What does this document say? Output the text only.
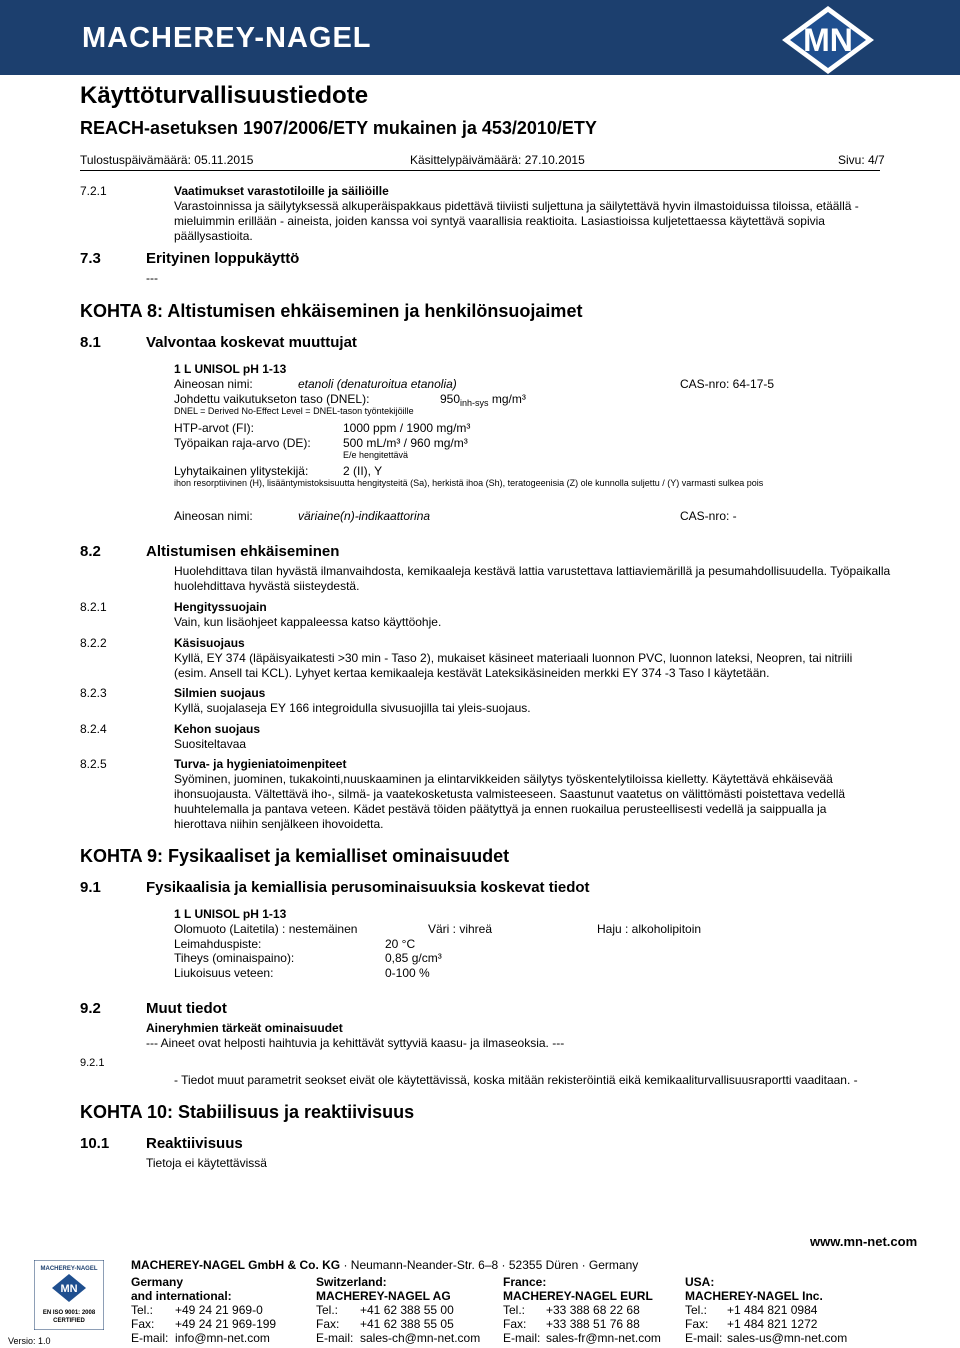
MACHEREY-NAGEL	MN
Käyttöturvallisuustiedote
REACH-asetuksen 1907/2006/ETY mukainen ja 453/2010/ETY
Tulostuspäivämäärä: 05.11.2015	Käsittelypäivämäärä: 27.10.2015	Sivu: 4/7
7.2.1	Vaatimukset varastotiloille ja säiliöille
Varastoinnissa ja säilytyksessä alkuperäispakkaus pidettävä tiiviisti suljettuna ja säilytettävä hyvin ilmastoiduissa tiloissa, etäällä -
mieluimmin erillään - aineista, joiden kanssa voi syntyä vaarallisia reaktioita. Lasiastioissa kuljetettaessa käytettävä sopivia
päällysastioita.
7.3	Erityinen loppukäyttö
---
KOHTA 8: Altistumisen ehkäiseminen ja henkilönsuojaimet
8.1	Valvontaa koskevat muuttujat
1 L UNISOL pH 1-13
Aineosan nimi:	etanoli (denaturoitua etanolia)	CAS-nro: 64-17-5
Johdettu vaikutukseton taso (DNEL):	$950_{inh-sys}$ mg/m³
DNEL = Derived No-Effect Level = DNEL-tason työntekijöille
HTP-arvot (FI):	1000 ppm / 1900 mg/m³
Työpaikan raja-arvo (DE):	500 mL/m³ / 960 mg/m³
E/e hengitettävä
Lyhytaikainen ylitystekijä:	2 (II), Y
ihon resorptiivinen (H), lisääntymistoksisuutta hengitysteitä (Sa), herkistä ihoa (Sh), teratogeenisia (Z) ole kunnolla suljettu / (Y) varmasti sulkea pois
Aineosan nimi:	väriaine(n)-indikaattorina	CAS-nro: -
8.2	Altistumisen ehkäiseminen
Huolehdittava tilan hyvästä ilmanvaihdosta, kemikaaleja kestävä lattia varustettava lattiaviemärillä ja pesumahdollisuudella. Työpaikalla
huolehdittava hyvästä siisteydestä.
8.2.1	Hengityssuojain
Vain, kun lisäohjeet kappaleessa katso käyttöohje.
8.2.2	Käsisuojaus
Kyllä, EY 374 (läpäisyaikatesti >30 min - Taso 2), mukaiset käsineet materiaali luonnon PVC, luonnon lateksi, Neopren, tai nitriili
(esim. Ansell tai KCL). Lyhyet kertaa kemikaaleja kestävät Lateksikäsineiden merkki EY 374 -3 Taso I käytetään.
8.2.3	Silmien suojaus
Kyllä, suojalaseja EY 166 integroidulla sivusuojilla tai yleis-suojaus.
8.2.4	Kehon suojaus
Suositeltavaa
8.2.5	Turva- ja hygieniatoimenpiteet
Syöminen, juominen, tukakointi,nuuskaaminen ja elintarvikkeiden säilytys työskentelytiloissa kielletty. Käytettävä ehkäisevää
ihonsuojausta. Vältettävä iho-, silmä- ja vaatekosketusta valmisteeseen. Saastunut vaatetus on välittömästi poistettava vedellä
huuhtelemalla ja pantava veteen. Kädet pestävä töiden päätyttyä ja ennen ruokailua perusteellisesti vedellä ja saippualla ja
hierottava niihin senjälkeen ihovoidetta.
KOHTA 9: Fysikaaliset ja kemialliset ominaisuudet
9.1	Fysikaalisia ja kemiallisia perusominaisuuksia koskevat tiedot
1 L UNISOL pH 1-13
Olomuoto (Laitetila) : nestemäinen	Väri : vihreä	Haju : alkoholipitoin
Leimahduspiste:	20 °C
Tiheys (ominaispaino):	0,85 g/cm³
Liukoisuus veteen:	0-100 %
9.2	Muut tiedot
Aineryhmien tärkeät ominaisuudet
--- Aineet ovat helposti haihtuvia ja kehittävät syttyviä kaasu- ja ilmaseoksia. ---
9.2.1
- Tiedot muut parametrit seokset eivät ole käytettävissä, koska mitään rekisteröintiä eikä kemikaaliturvallisuusraportti vaaditaan. -
KOHTA 10: Stabiilisuus ja reaktiivisuus
10.1 Reaktiivisuus
Tietoja ei käytettävissä
www.mn-net.com
MACHEREY-NAGEL GmbH & Co. KG · Neumann-Neander-Str. 6–8 · 52355 Düren · Germany
MACHEREY-NAGEL
MN
EN ISO 9001: 2008
CERTIFIED
Versio: 1.0
Germany
and international:
Tel.: +49 24 21 969-0
Fax: +49 24 21 969-199
E-mail: info@mn-net.com
Switzerland:
MACHEREY-NAGEL AG
Tel.: +41 62 388 55 00
Fax: +41 62 388 55 05
E-mail: sales-ch@mn-net.com
France:
MACHEREY-NAGEL EURL
Tel.: +33 388 68 22 68
Fax: +33 388 51 76 88
E-mail: sales-fr@mn-net.com
USA:
MACHEREY-NAGEL Inc.
Tel.: +1 484 821 0984
Fax: +1 484 821 1272
E-mail: sales-us@mn-net.com
